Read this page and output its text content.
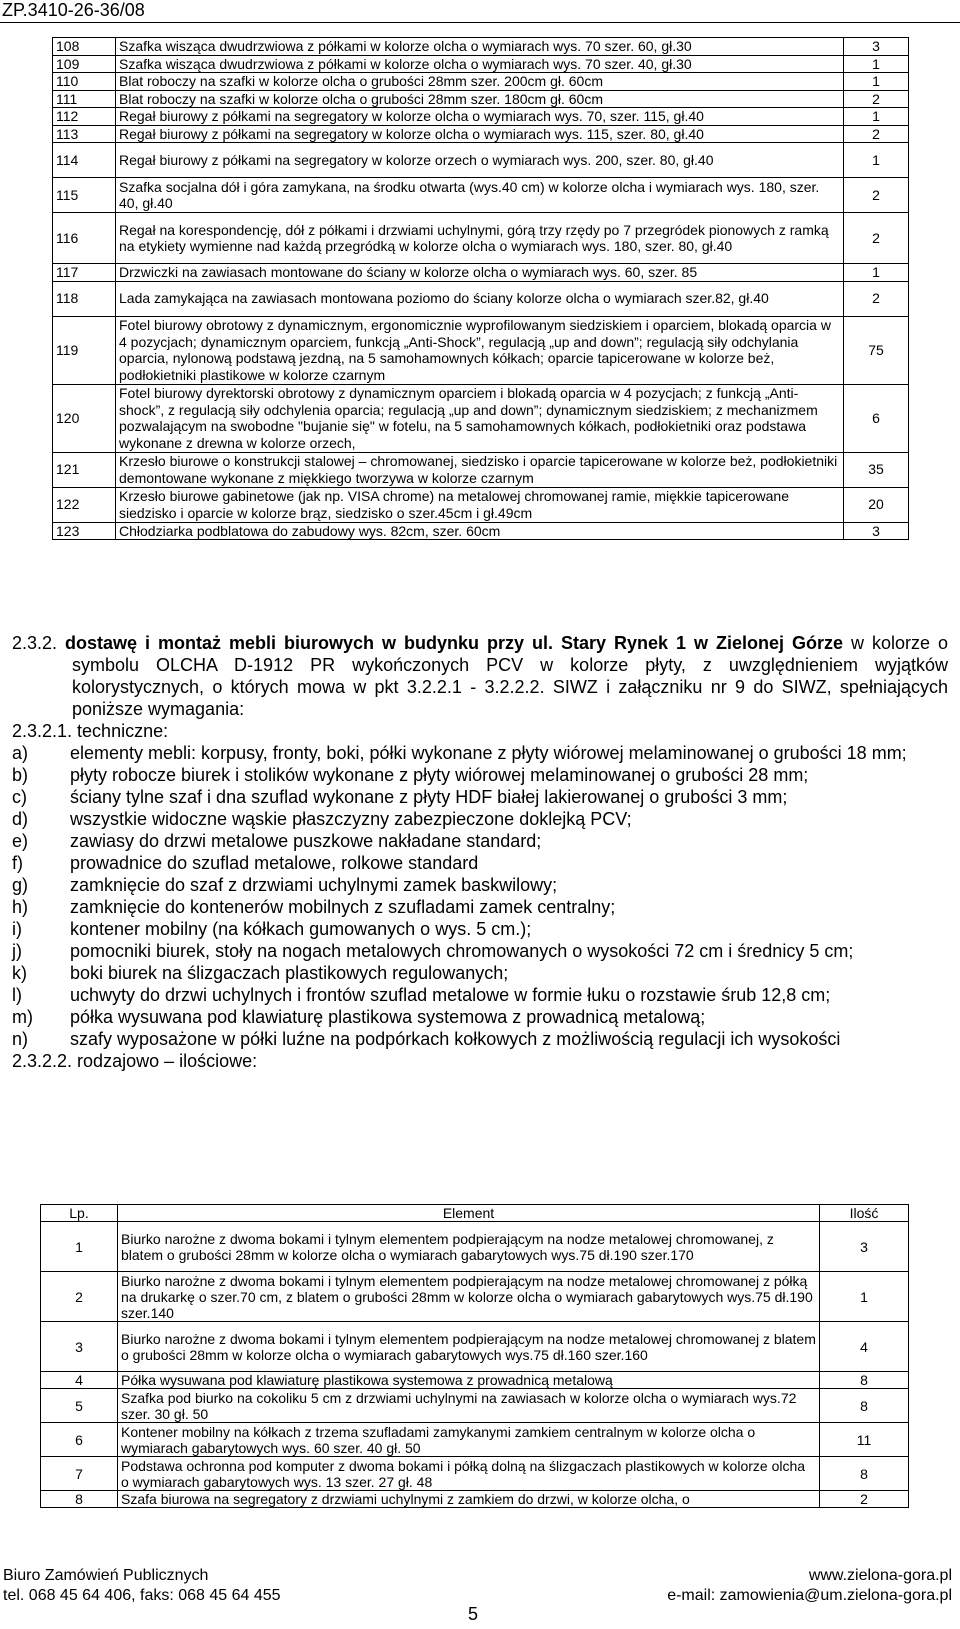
ZP.3410-26-36/08
108	Szafka wisząca dwudrzwiowa z półkami w kolorze olcha o wymiarach wys. 70 szer. 60, gł.30	3
109	Szafka wisząca dwudrzwiowa z półkami w kolorze olcha o wymiarach wys. 70 szer. 40, gł.30	1
110	Blat roboczy na szafki w kolorze olcha o grubości 28mm szer. 200cm gł. 60cm	1
111	Blat roboczy na szafki w kolorze olcha o grubości 28mm szer. 180cm gł. 60cm	2
112	Regał biurowy z półkami na segregatory w kolorze olcha o wymiarach wys. 70, szer. 115, gł.40	1
113	Regał biurowy z półkami na segregatory w kolorze olcha o wymiarach wys. 115, szer. 80, gł.40	2
114	Regał biurowy z półkami na segregatory w kolorze orzech o wymiarach wys. 200, szer. 80, gł.40	1
115	Szafka socjalna dół i góra zamykana, na środku otwarta (wys.40 cm) w kolorze olcha i wymiarach wys. 180, szer. 40, gł.40	2
116	Regał na korespondencję, dół z półkami i drzwiami uchylnymi, górą trzy rzędy po 7 przegródek pionowych z ramką na etykiety wymienne nad każdą przegródką w kolorze olcha o wymiarach wys. 180, szer. 80, gł.40	2
117	Drzwiczki na zawiasach montowane do ściany w kolorze olcha o wymiarach wys. 60, szer. 85	1
118	Lada zamykająca na zawiasach montowana poziomo do ściany kolorze olcha o wymiarach szer.82, gł.40	2
119	Fotel biurowy obrotowy z dynamicznym, ergonomicznie wyprofilowanym siedziskiem i oparciem, blokadą oparcia w 4 pozycjach; dynamicznym oparciem, funkcją „Anti-Shock”, regulacją „up and down”; regulacją siły odchylania oparcia, nylonową podstawą jezdną, na 5 samohamownych kółkach; oparcie tapicerowane w kolorze beż, podłokietniki plastikowe w kolorze czarnym	75
120	Fotel biurowy dyrektorski obrotowy z dynamicznym oparciem i blokadą oparcia w 4 pozycjach; z funkcją „Anti-shock”, z regulacją siły odchylenia oparcia; regulacją „up and down”; dynamicznym siedziskiem; z mechanizmem pozwalającym na swobodne "bujanie się" w fotelu, na 5 samohamownych kółkach, podłokietniki oraz podstawa wykonane z drewna w kolorze orzech,	6
121	Krzesło biurowe o konstrukcji stalowej – chromowanej, siedzisko i oparcie tapicerowane w kolorze beż, podłokietniki demontowane wykonane z miękkiego tworzywa w kolorze czarnym	35
122	Krzesło biurowe gabinetowe (jak np. VISA chrome) na metalowej chromowanej ramie, miękkie tapicerowane siedzisko i oparcie w kolorze brąz, siedzisko o szer.45cm i gł.49cm	20
123	Chłodziarka podblatowa do zabudowy wys. 82cm, szer. 60cm	3
2.3.2. dostawę i montaż mebli biurowych w budynku przy ul. Stary Rynek 1 w Zielonej Górze w kolorze o symbolu OLCHA D-1912 PR wykończonych PCV w kolorze płyty, z uwzględnieniem wyjątków kolorystycznych, o których mowa w pkt 3.2.2.1 - 3.2.2.2. SIWZ i załączniku nr 9 do SIWZ, spełniających poniższe wymagania:
2.3.2.1. techniczne:
a)	elementy mebli: korpusy, fronty, boki, półki wykonane z płyty wiórowej melaminowanej o grubości 18 mm;
b)	płyty robocze biurek i stolików wykonane z płyty wiórowej melaminowanej o grubości 28 mm;
c)	ściany tylne szaf i dna szuflad wykonane z płyty HDF białej lakierowanej o grubości 3 mm;
d)	wszystkie widoczne wąskie płaszczyzny zabezpieczone doklejką PCV;
e)	zawiasy do drzwi metalowe puszkowe nakładane standard;
f)	prowadnice do szuflad metalowe, rolkowe standard
g)	zamknięcie do szaf z drzwiami uchylnymi zamek baskwilowy;
h)	zamknięcie do kontenerów mobilnych z szufladami zamek centralny;
i)	kontener mobilny (na kółkach gumowanych o wys. 5 cm.);
j)	pomocniki biurek, stoły na nogach metalowych chromowanych o wysokości 72 cm i średnicy 5 cm;
k)	boki biurek na ślizgaczach plastikowych regulowanych;
l)	uchwyty do drzwi uchylnych i frontów szuflad metalowe w formie łuku o rozstawie śrub 12,8 cm;
m)	półka wysuwana pod klawiaturę plastikowa systemowa z prowadnicą metalową;
n)	szafy wyposażone w półki luźne na podpórkach kołkowych z możliwością regulacji ich wysokości
2.3.2.2. rodzajowo – ilościowe:
Lp.	Element	Ilość
1	Biurko narożne z dwoma bokami i tylnym elementem podpierającym na nodze metalowej chromowanej, z blatem o grubości 28mm w kolorze olcha o wymiarach gabarytowych wys.75 dł.190 szer.170	3
2	Biurko narożne z dwoma bokami i tylnym elementem podpierającym na nodze metalowej chromowanej z półką na drukarkę o szer.70 cm, z blatem o grubości 28mm w kolorze olcha o wymiarach gabarytowych wys.75 dł.190 szer.140	1
3	Biurko narożne z dwoma bokami i tylnym elementem podpierającym na nodze metalowej chromowanej z blatem o grubości 28mm w kolorze olcha o wymiarach gabarytowych wys.75 dł.160 szer.160	4
4	Półka wysuwana pod klawiaturę plastikowa systemowa z prowadnicą metalową	8
5	Szafka pod biurko na cokoliku 5 cm z drzwiami uchylnymi na zawiasach w kolorze olcha o wymiarach wys.72 szer. 30 gł. 50	8
6	Kontener mobilny na kółkach z trzema szufladami zamykanymi zamkiem centralnym w kolorze olcha o wymiarach gabarytowych wys. 60 szer. 40 gł. 50	11
7	Podstawa ochronna pod komputer z dwoma bokami i półką dolną na ślizgaczach plastikowych w kolorze olcha o wymiarach gabarytowych wys. 13 szer. 27 gł. 48	8
8	Szafa biurowa na segregatory z drzwiami uchylnymi z zamkiem do drzwi, w kolorze olcha, o	2
Biuro Zamówień Publicznych	www.zielona-gora.pl
tel. 068 45 64 406, faks: 068 45 64 455	e-mail: zamowienia@um.zielona-gora.pl
5
